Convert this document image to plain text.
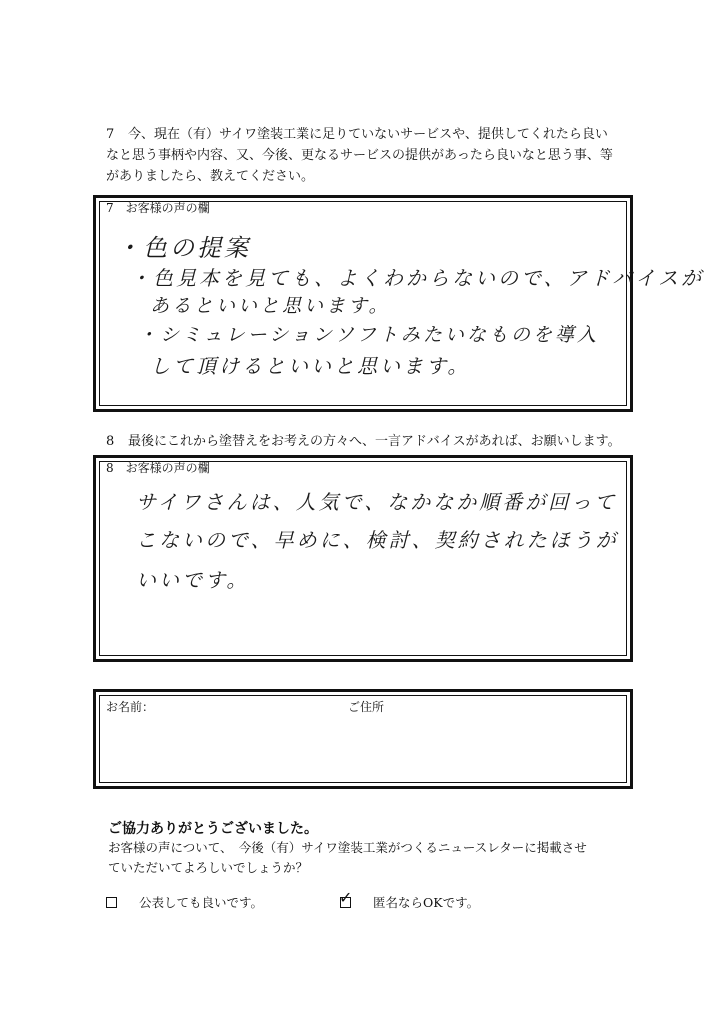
7 今、現在（有）サイワ塗装工業に足りていないサービスや、提供してくれたら良い
なと思う事柄や内容、又、今後、更なるサービスの提供があったら良いなと思う事、等
がありましたら、教えてください。
7　お客様の声の欄
・色の提案
・色見本を見ても、よくわからないので、アドバイスが
あるといいと思います。
・シミュレーションソフトみたいなものを導入
して頂けるといいと思います。
8 最後にこれから塗替えをお考えの方々へ、一言アドバイスがあれば、お願いします。
8　お客様の声の欄
サイワさんは、人気で、なかなか順番が回って
こないので、早めに、検討、契約されたほうが
いいです。
お名前：	ご住所
ご協力ありがとうございました。
お客様の声について、　今後（有）サイワ塗装工業がつくるニュースレターに掲載させ
ていただいてよろしいでしょうか？
公表しても良いです。	✓ 匿名ならOKです。
